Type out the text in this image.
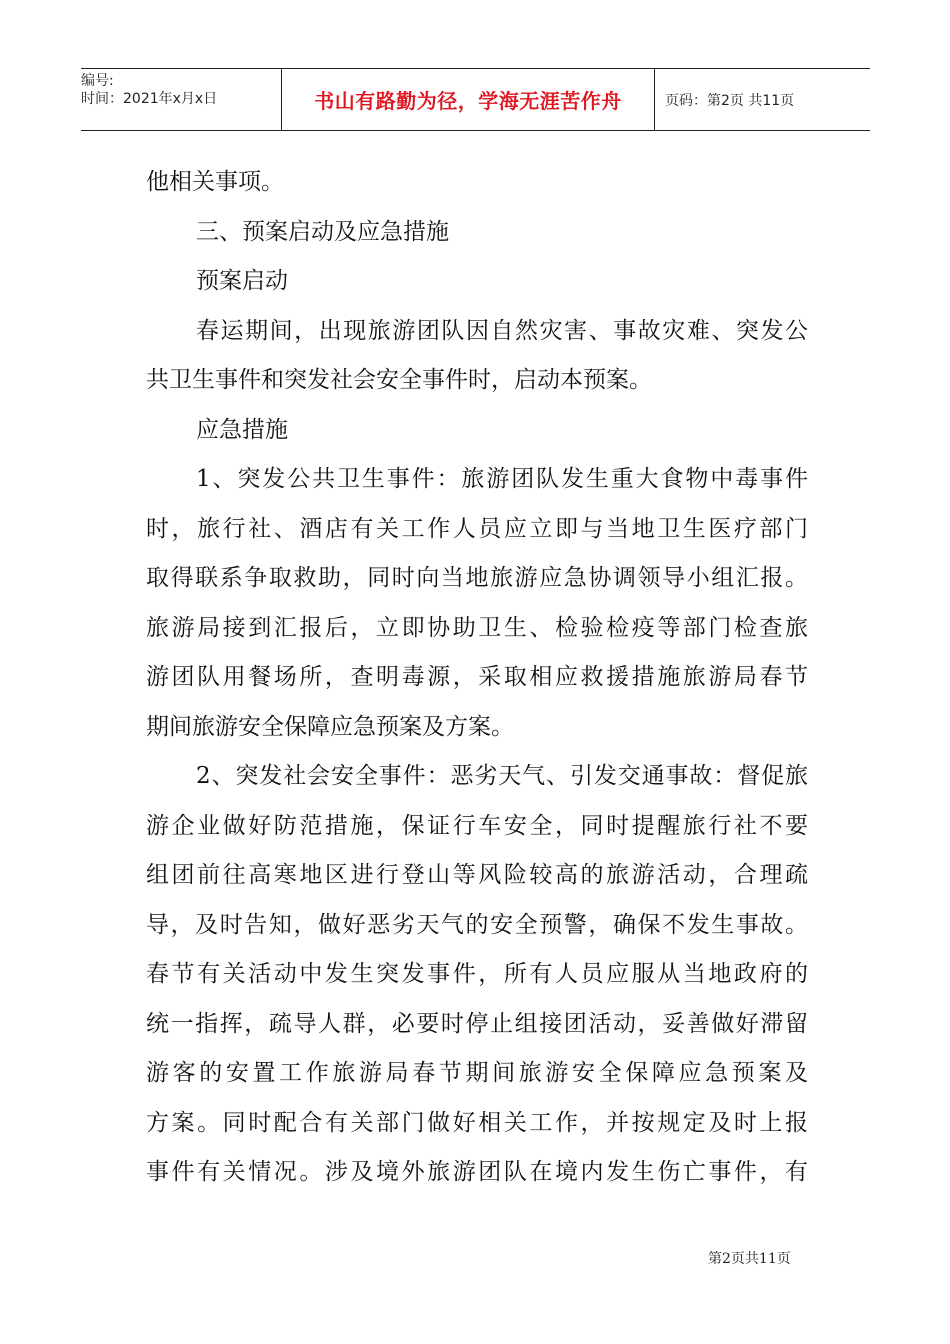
编号:
时间：2021年x月x日	书山有路勤为径，学海无涯苦作舟	页码：第2页 共11页
他相关事项。
三、预案启动及应急措施
预案启动
春运期间，出现旅游团队因自然灾害、事故灾难、突发公
共卫生事件和突发社会安全事件时，启动本预案。
应急措施
1、突发公共卫生事件：旅游团队发生重大食物中毒事件
时，旅行社、酒店有关工作人员应立即与当地卫生医疗部门
取得联系争取救助，同时向当地旅游应急协调领导小组汇报。
旅游局接到汇报后，立即协助卫生、检验检疫等部门检查旅
游团队用餐场所，查明毒源，采取相应救援措施旅游局春节
期间旅游安全保障应急预案及方案。
2、突发社会安全事件：恶劣天气、引发交通事故：督促旅
游企业做好防范措施，保证行车安全，同时提醒旅行社不要
组团前往高寒地区进行登山等风险较高的旅游活动，合理疏
导，及时告知，做好恶劣天气的安全预警，确保不发生事故。
春节有关活动中发生突发事件，所有人员应服从当地政府的
统一指挥，疏导人群，必要时停止组接团活动，妥善做好滞留
游客的安置工作旅游局春节期间旅游安全保障应急预案及
方案。同时配合有关部门做好相关工作，并按规定及时上报
事件有关情况。涉及境外旅游团队在境内发生伤亡事件，有
第2页共11页
